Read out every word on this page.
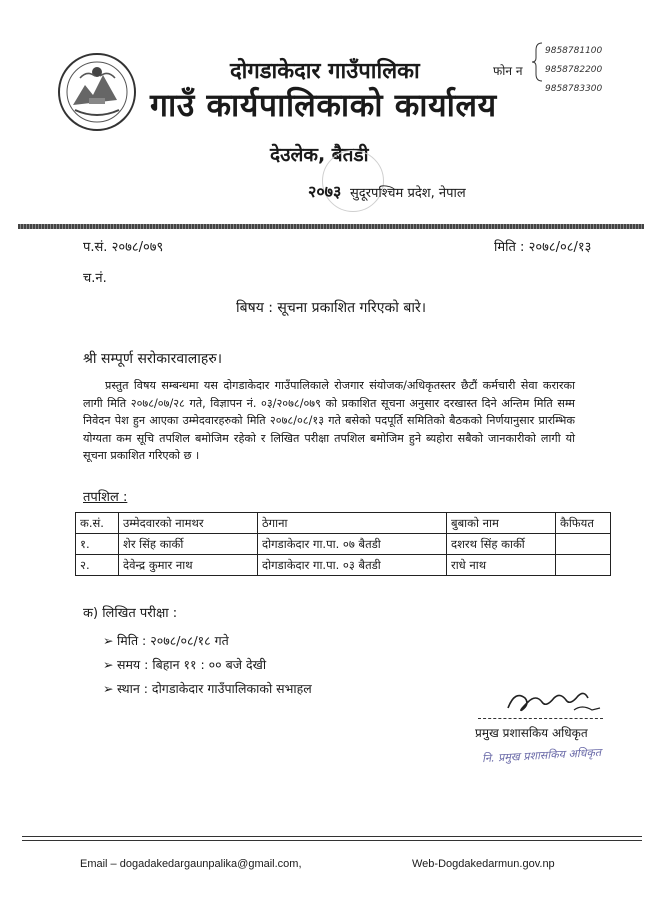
दोगडाकेदार गाउँपालिका
गाउँ कार्यपालिकाको कार्यालय
देउलेक, बैतडी
२०७३ सुदूरपश्चिम प्रदेश, नेपाल
फोन न
9858781100
9858782200
9858783300
प.सं. २०७८/०७९	मिति : २०७८/०८/१३
च.नं.
बिषय : सूचना प्रकाशित गरिएको बारे।
श्री सम्पूर्ण सरोकारवालाहरु।
प्रस्तुत विषय सम्बन्धमा यस दोगडाकेदार गाउँपालिकाले रोजगार संयोजक/अधिकृतस्तर छैटौं कर्मचारी सेवा करारका लागी मिति २०७८/०७/२८ गते, विज्ञापन नं. ०३/२०७८/०७९ को प्रकाशित सूचना अनुसार दरखास्त दिने अन्तिम मिति सम्म निवेदन पेश हुन आएका उम्मेदवारहरुको मिति २०७८/०८/१३ गते बसेको पदपूर्ति समितिको बैठकको निर्णयानुसार प्रारम्भिक योग्यता कम सूचि तपशिल बमोजिम रहेको र लिखित परीक्षा तपशिल बमोजिम हुने ब्यहोरा सबैको जानकारीको लागी यो सूचना प्रकाशित गरिएको छ ।
तपशिल :
क.सं.	उम्मेदवारको नामथर	ठेगाना	बुबाको नाम	कैफियत
१.	शेर सिंह कार्की	दोगडाकेदार गा.पा. ०७ बैतडी	दशरथ सिंह कार्की	
२.	देवेन्द्र कुमार नाथ	दोगडाकेदार गा.पा. ०३ बैतडी	राधे नाथ	
क) लिखित परीक्षा :
➢ मिति : २०७८/०८/१८ गते
➢ समय : बिहान ११ : ०० बजे देखी
➢ स्थान : दोगडाकेदार गाउँपालिकाको सभाहल
प्रमुख प्रशासकिय अधिकृत
नि. प्रमुख प्रशासकिय अधिकृत
Email – dogadakedargaunpalika@gmail.com,	Web-Dogdakedarmun.gov.np
